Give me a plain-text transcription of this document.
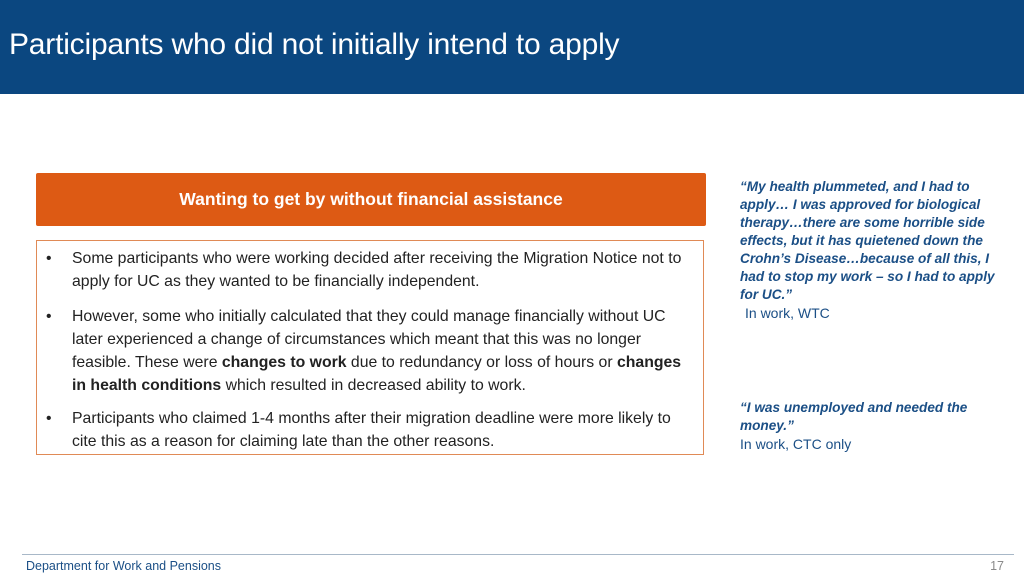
Participants who did not initially intend to apply
Wanting to get by without financial assistance
• Some participants who were working decided after receiving the Migration Notice not to apply for UC as they wanted to be financially independent.
• However, some who initially calculated that they could manage financially without UC later experienced a change of circumstances which meant that this was no longer feasible. These were changes to work due to redundancy or loss of hours or changes in health conditions which resulted in decreased ability to work.
• Participants who claimed 1-4 months after their migration deadline were more likely to cite this as a reason for claiming late than the other reasons.
“My health plummeted, and I had to apply… I was approved for biological therapy…there are some horrible side effects, but it has quietened down the Crohn’s Disease…because of all this, I had to stop my work – so I had to apply for UC.”
In work, WTC
“I was unemployed and needed the money.”
In work, CTC only
Department for Work and Pensions	17
